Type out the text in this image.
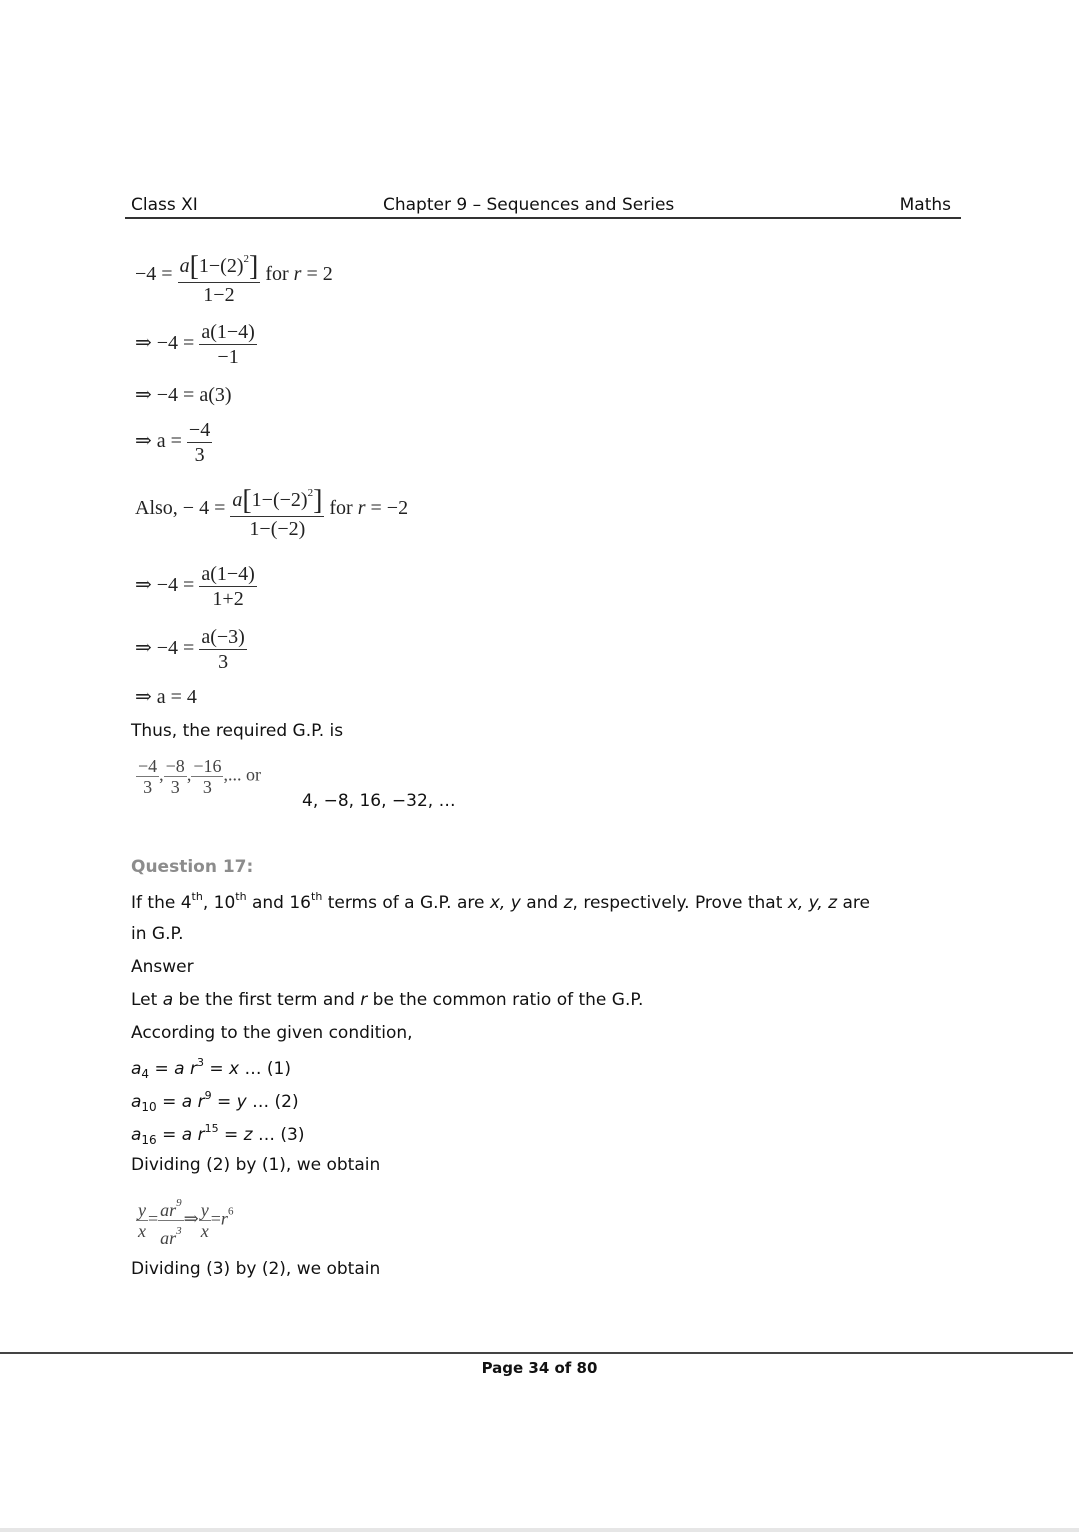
Class XI	Chapter 9 – Sequences and Series	Maths
$-4 = \frac{a[1-(2)^2]}{1-2}$ for r = 2
⇒ $-4 = \frac{a(1-4)}{-1}$
⇒ −4 = a(3)
⇒ $a = \frac{-4}{3}$
Also, − $4 = \frac{a[1-(-2)^2]}{1-(-2)}$ for r = −2
⇒ $-4 = \frac{a(1-4)}{1+2}$
⇒ $-4 = \frac{a(-3)}{3}$
⇒ a = 4
Thus, the required G.P. is
$\frac{-4}{3}$ , $\frac{-8}{3}$ , $\frac{-16}{3}$ ,... or
4, −8, 16, −32, …
Question 17:
If the 4th, 10th and 16th terms of a G.P. are x, y and z, respectively. Prove that x, y, z are
in G.P.
Answer
Let a be the first term and r be the common ratio of the G.P.
According to the given condition,
$a_4 = a$ $r^3 = x$ … (1)
$a_{10} = a$ $r^9 = y$ … (2)
$a_{16} = a$ $r^{15} = z$ … (3)
Dividing (2) by (1), we obtain
$\frac{y}{x} = \frac{ar^9}{ar^3}$ ⇒ $\frac{y}{x} =r^6$
Dividing (3) by (2), we obtain
Page 34 of 80
